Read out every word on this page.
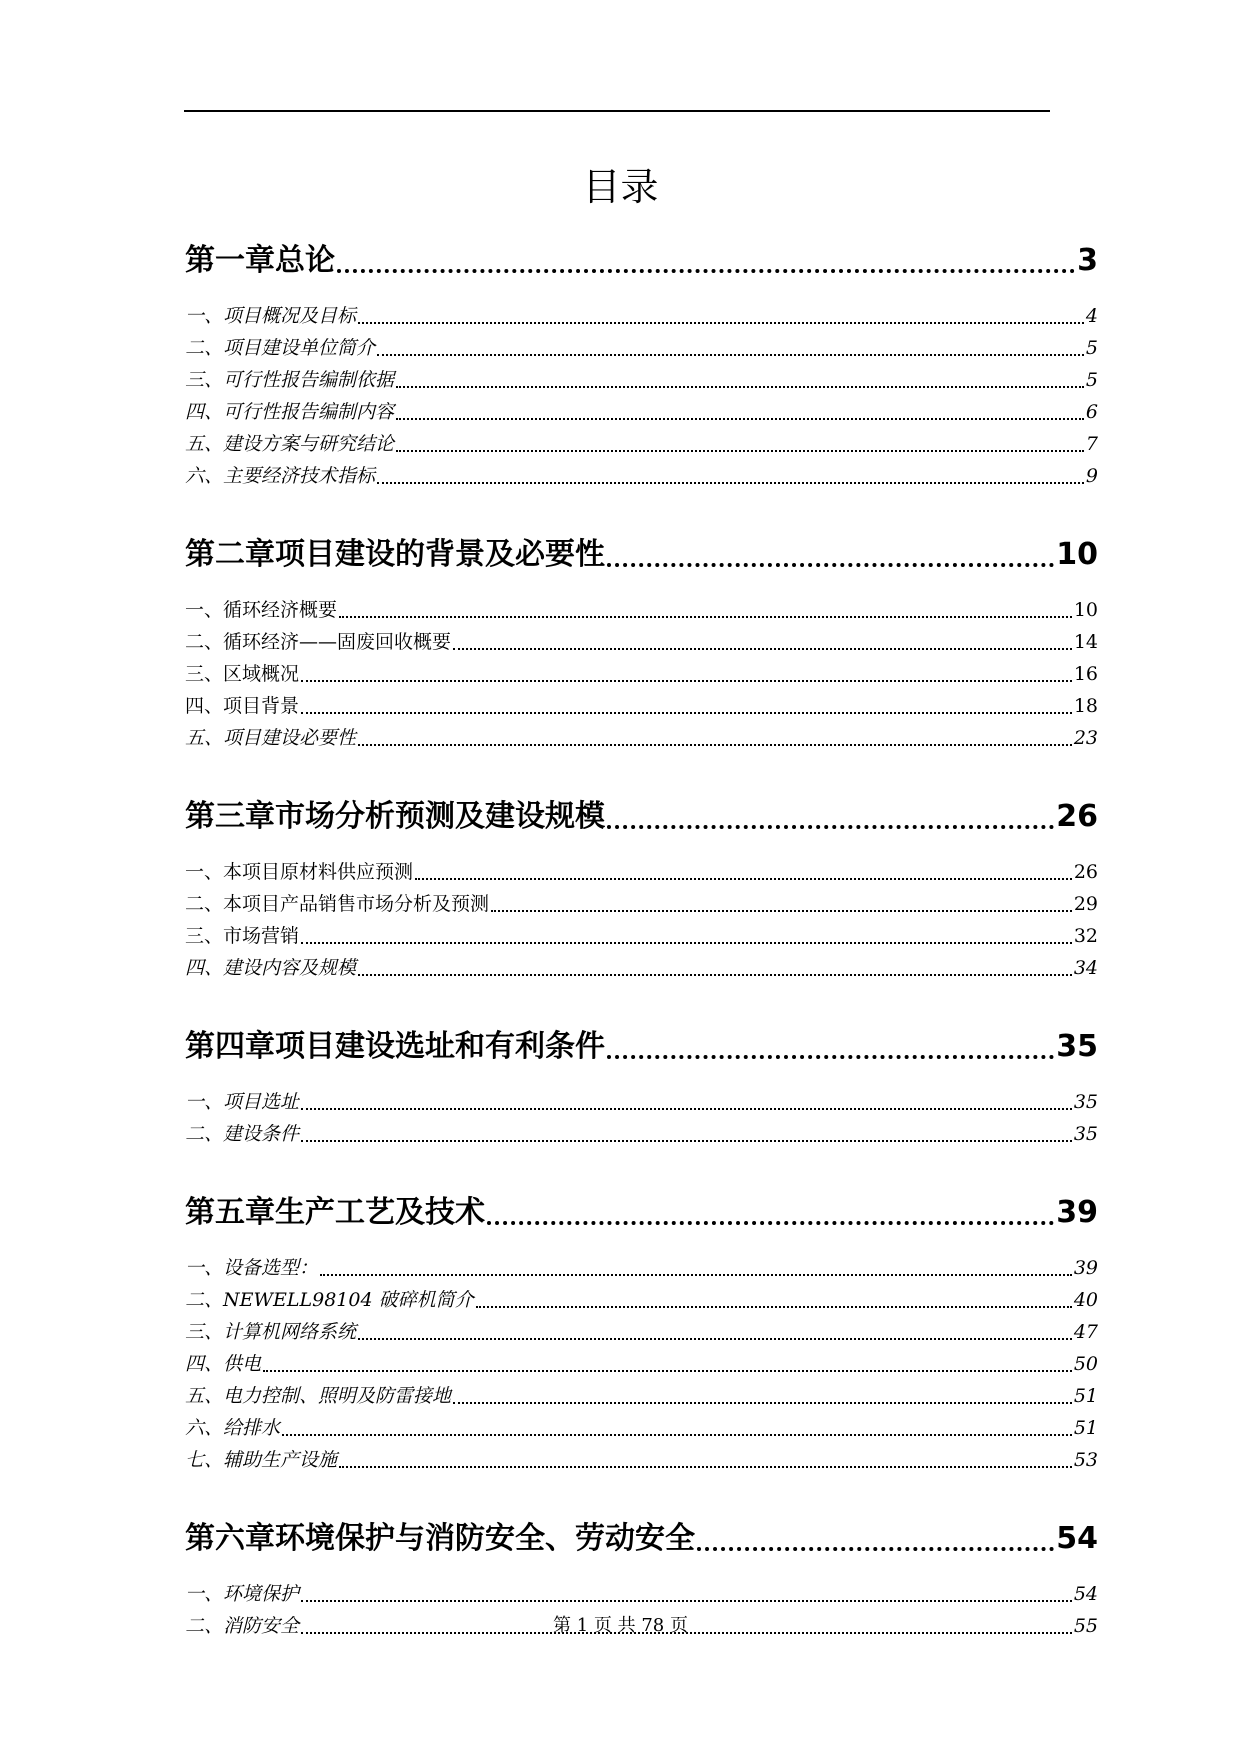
目录
第一章总论	3
一、项目概况及目标	4
二、项目建设单位简介	5
三、可行性报告编制依据	5
四、可行性报告编制内容	6
五、建设方案与研究结论	7
六、主要经济技术指标	9
第二章项目建设的背景及必要性	10
一、循环经济概要	10
二、循环经济——固废回收概要	14
三、区域概况	16
四、项目背景	18
五、项目建设必要性	23
第三章市场分析预测及建设规模	26
一、本项目原材料供应预测	26
二、本项目产品销售市场分析及预测	29
三、市场营销	32
四、建设内容及规模	34
第四章项目建设选址和有利条件	35
一、项目选址	35
二、建设条件	35
第五章生产工艺及技术	39
一、设备选型：	39
二、NEWELL98104 破碎机简介	40
三、计算机网络系统	47
四、供电	50
五、电力控制、照明及防雷接地	51
六、给排水	51
七、辅助生产设施	53
第六章环境保护与消防安全、劳动安全	54
一、环境保护	54
二、消防安全	55
第 1 页 共 78 页
